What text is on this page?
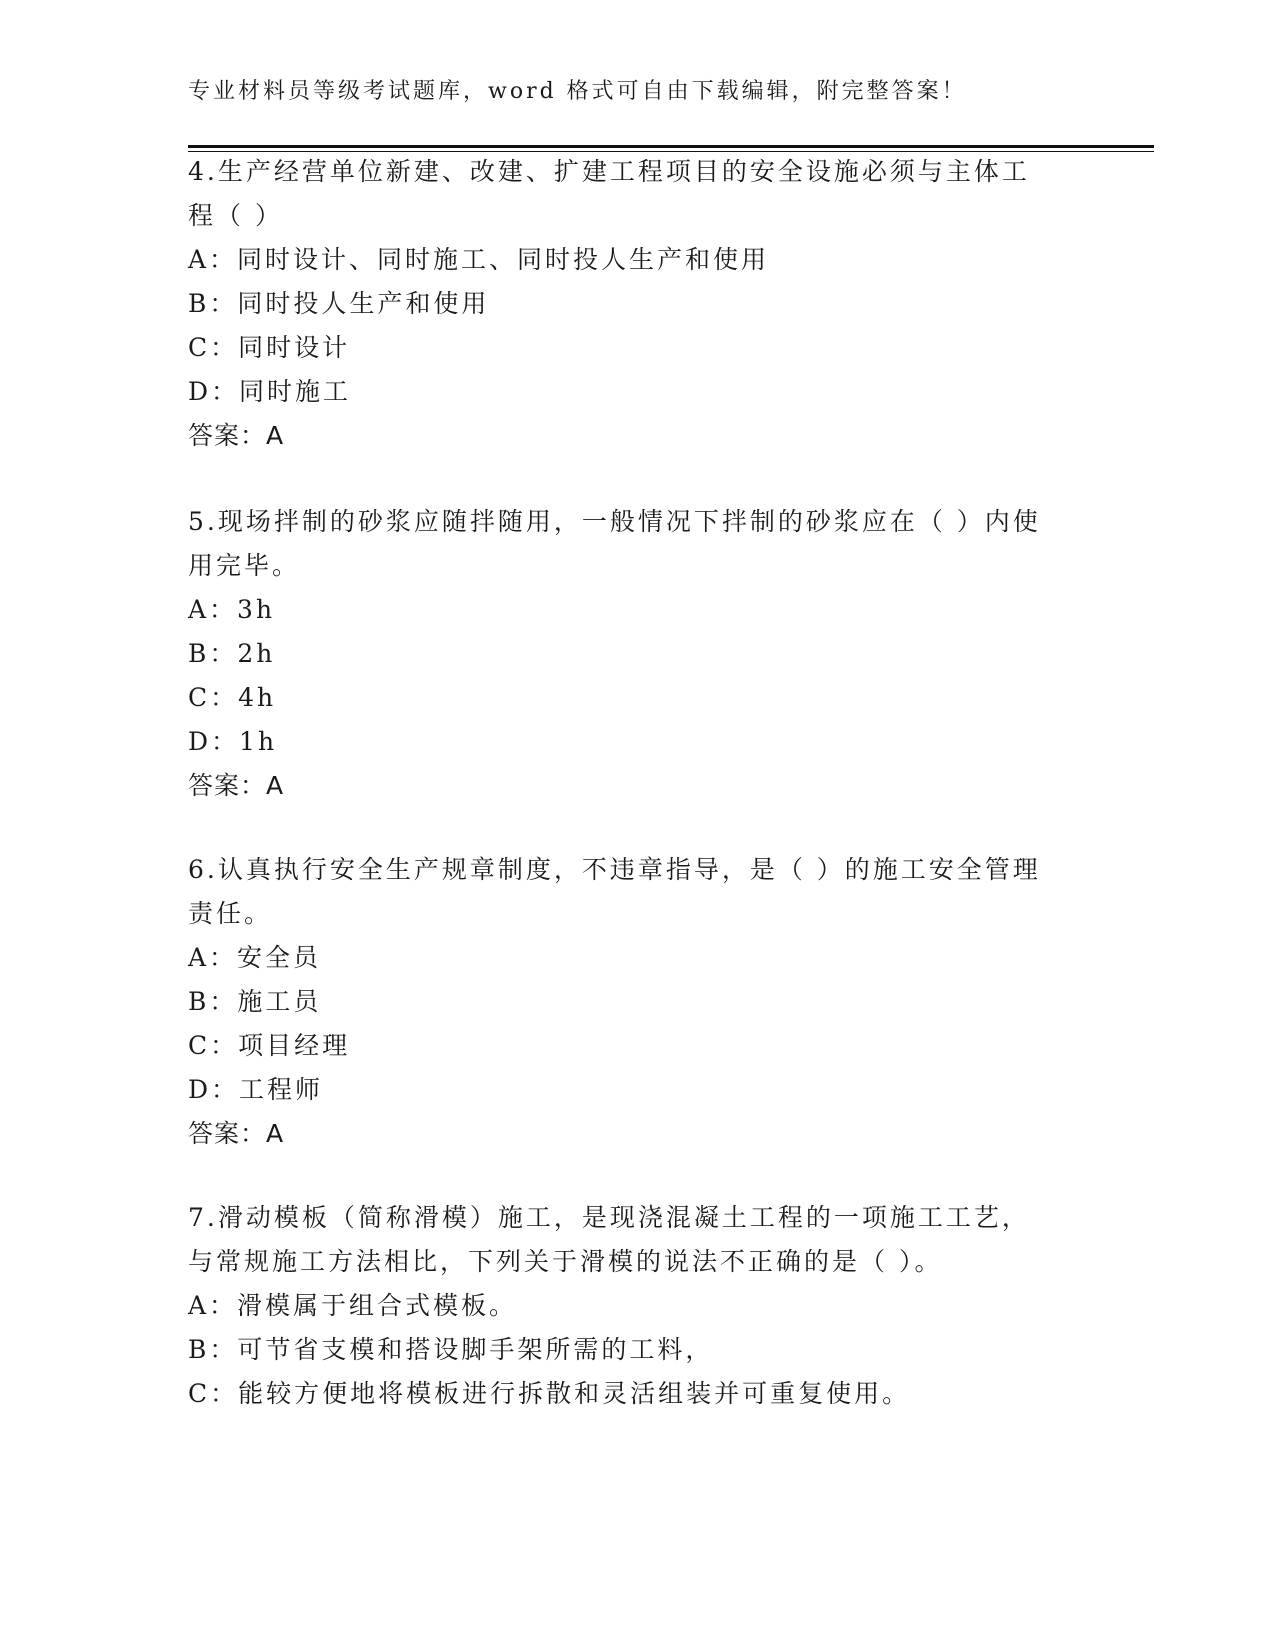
专业材料员等级考试题库，word 格式可自由下载编辑，附完整答案！
4.生产经营单位新建、改建、扩建工程项目的安全设施必须与主体工
程（ ）
A：同时设计、同时施工、同时投人生产和使用
B：同时投人生产和使用
C：同时设计
D：同时施工
答案：A
5.现场拌制的砂浆应随拌随用，一般情况下拌制的砂浆应在（ ）内使
用完毕。
A：3h
B：2h
C：4h
D：1h
答案：A
6.认真执行安全生产规章制度，不违章指导，是（ ）的施工安全管理
责任。
A：安全员
B：施工员
C：项目经理
D：工程师
答案：A
7.滑动模板（简称滑模）施工，是现浇混凝土工程的一项施工工艺，
与常规施工方法相比，下列关于滑模的说法不正确的是（ ）。
A：滑模属于组合式模板。
B：可节省支模和搭设脚手架所需的工料，
C：能较方便地将模板进行拆散和灵活组装并可重复使用。
